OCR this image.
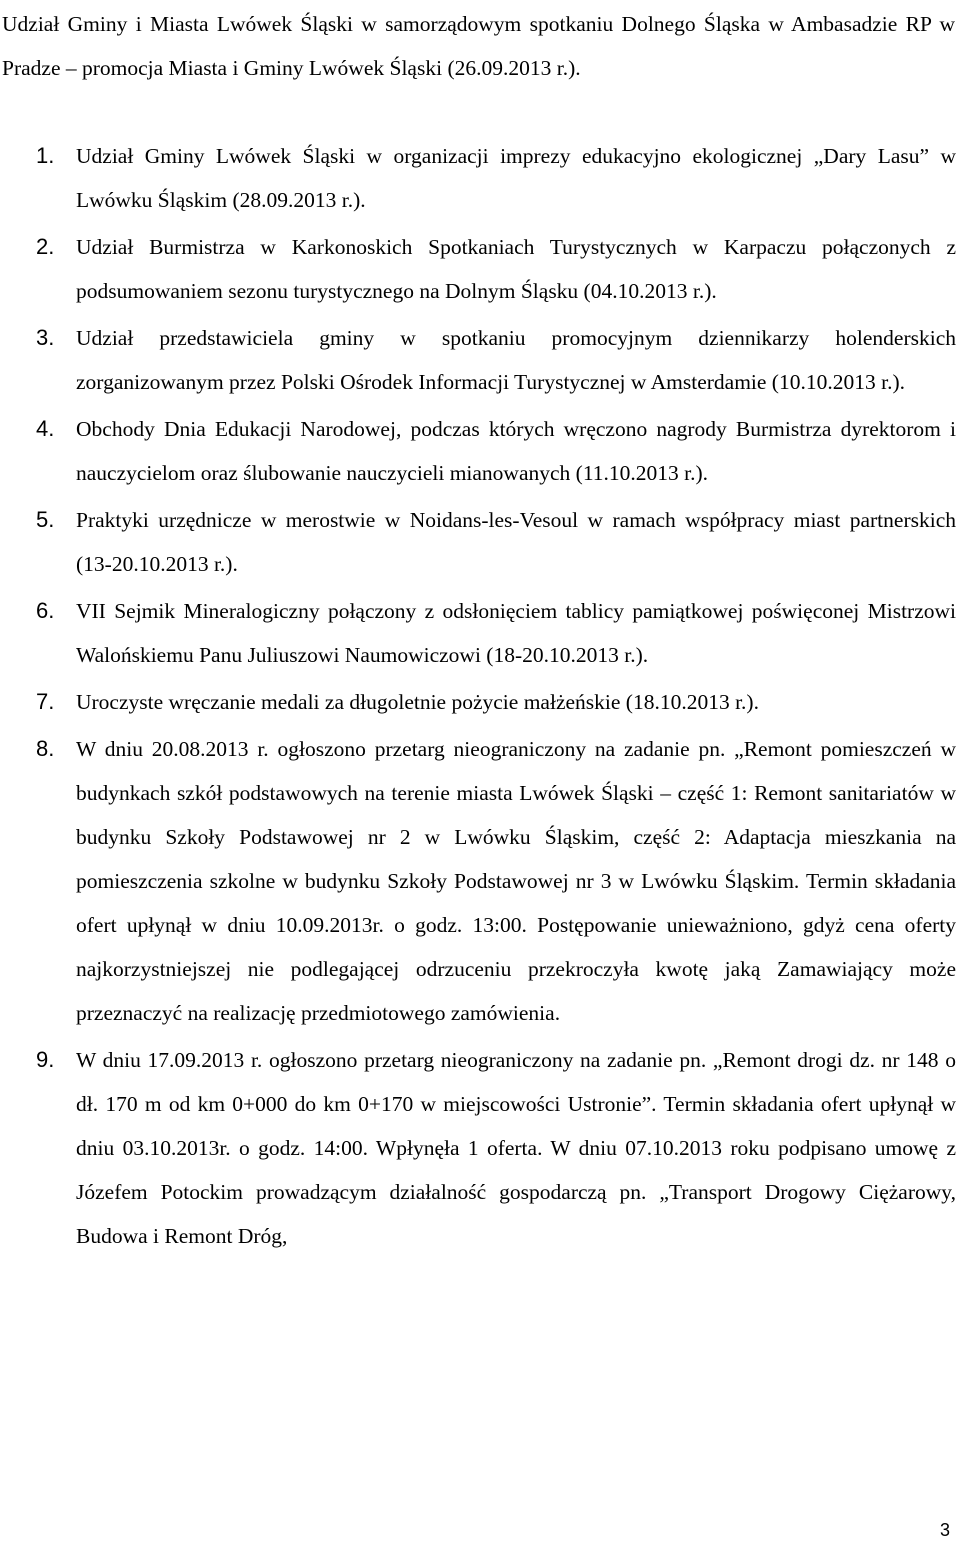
Udział Gminy i Miasta Lwówek Śląski w samorządowym spotkaniu Dolnego Śląska w Ambasadzie RP w Pradze – promocja Miasta i Gminy Lwówek Śląski (26.09.2013 r.).

1. Udział Gminy Lwówek Śląski w organizacji imprezy edukacyjno ekologicznej „Dary Lasu” w Lwówku Śląskim (28.09.2013 r.).
2. Udział Burmistrza w Karkonoskich Spotkaniach Turystycznych w Karpaczu połączonych z podsumowaniem sezonu turystycznego na Dolnym Śląsku (04.10.2013 r.).
3. Udział przedstawiciela gminy w spotkaniu promocyjnym dziennikarzy holenderskich zorganizowanym przez Polski Ośrodek Informacji Turystycznej w Amsterdamie (10.10.2013 r.).
4. Obchody Dnia Edukacji Narodowej, podczas których wręczono nagrody Burmistrza dyrektorom i nauczycielom oraz ślubowanie nauczycieli mianowanych (11.10.2013 r.).
5. Praktyki urzędnicze w merostwie w Noidans-les-Vesoul w ramach współpracy miast partnerskich (13-20.10.2013 r.).
6. VII Sejmik Mineralogiczny połączony z odsłonięciem tablicy pamiątkowej poświęconej Mistrzowi Walońskiemu Panu Juliuszowi Naumowiczowi (18-20.10.2013 r.).
7. Uroczyste wręczanie medali za długoletnie pożycie małżeńskie (18.10.2013 r.).
8. W dniu 20.08.2013 r. ogłoszono przetarg nieograniczony na zadanie pn. „Remont pomieszczeń w budynkach szkół podstawowych na terenie miasta Lwówek Śląski – część 1: Remont sanitariatów w budynku Szkoły Podstawowej nr 2 w Lwówku Śląskim, część 2: Adaptacja mieszkania na pomieszczenia szkolne w budynku Szkoły Podstawowej nr 3 w Lwówku Śląskim. Termin składania ofert upłynął w dniu 10.09.2013r. o godz. 13:00. Postępowanie unieważniono, gdyż cena oferty najkorzystniejszej nie podlegającej odrzuceniu przekroczyła kwotę jaką Zamawiający może przeznaczyć na realizację przedmiotowego zamówienia.
9. W dniu 17.09.2013 r. ogłoszono przetarg nieograniczony na zadanie pn. „Remont drogi dz. nr 148 o dł. 170 m od km 0+000 do km 0+170 w miejscowości Ustronie”. Termin składania ofert upłynął w dniu 03.10.2013r. o godz. 14:00. Wpłynęła 1 oferta. W dniu 07.10.2013 roku podpisano umowę z Józefem Potockim prowadzącym działalność gospodarczą pn. „Transport Drogowy Ciężarowy, Budowa i Remont Dróg,
3
